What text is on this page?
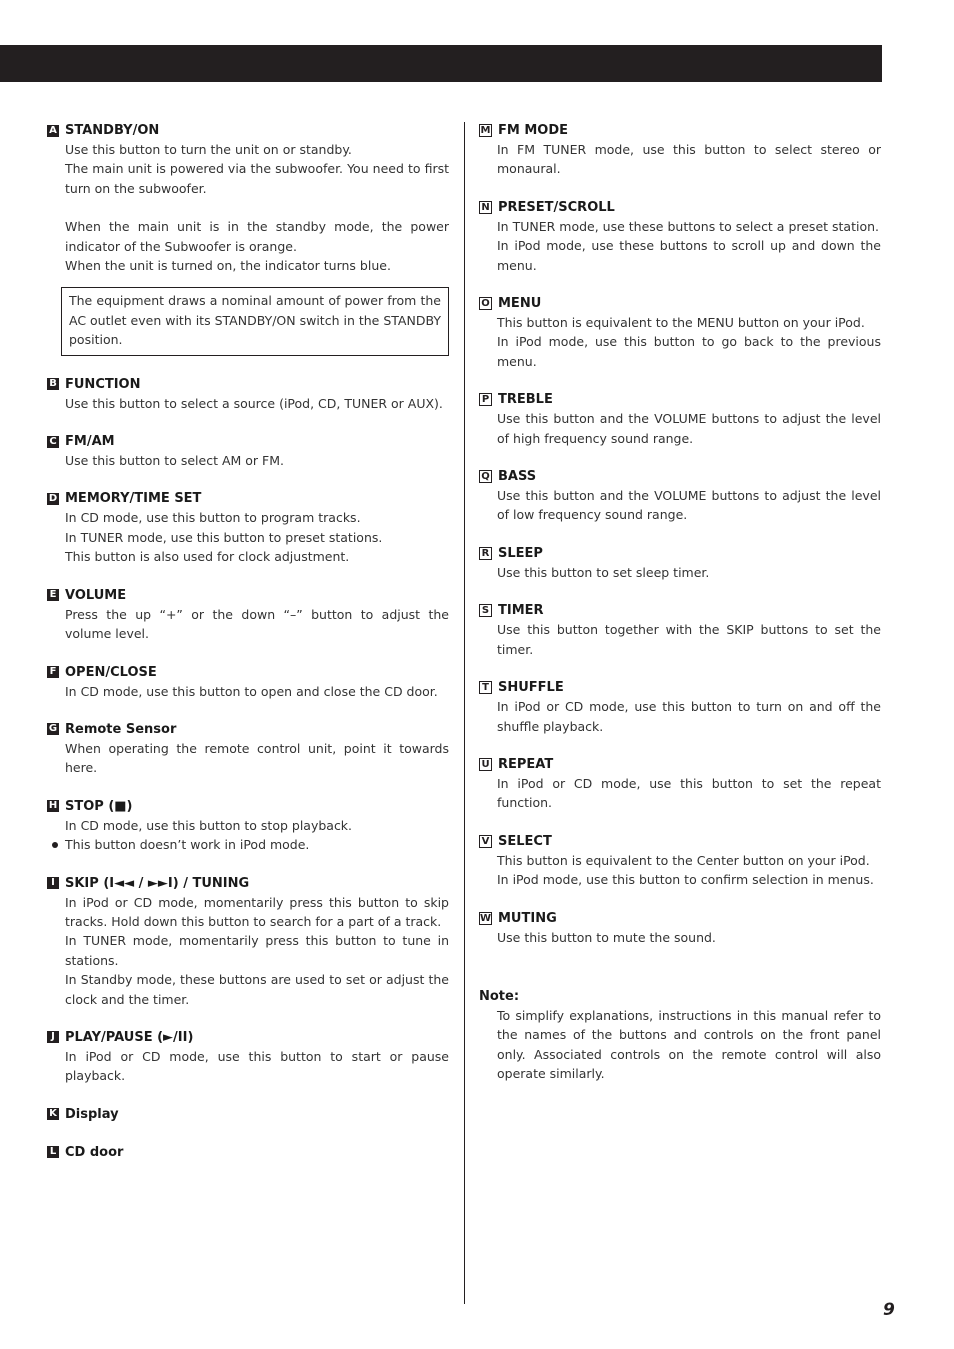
A STANDBY/ON
Use this button to turn the unit on or standby.
The main unit is powered via the subwoofer. You need to first turn on the subwoofer.
When the main unit is in the standby mode, the power indicator of the Subwoofer is orange.
When the unit is turned on, the indicator turns blue.
The equipment draws a nominal amount of power from the AC outlet even with its STANDBY/ON switch in the STANDBY position.
B FUNCTION
Use this button to select a source (iPod, CD, TUNER or AUX).
C FM/AM
Use this button to select AM or FM.
D MEMORY/TIME SET
In CD mode, use this button to program tracks.
In TUNER mode, use this button to preset stations.
This button is also used for clock adjustment.
E VOLUME
Press the up “+” or the down “–” button to adjust the volume level.
F OPEN/CLOSE
In CD mode, use this button to open and close the CD door.
G Remote Sensor
When operating the remote control unit, point it towards here.
H STOP (■)
In CD mode, use this button to stop playback.
This button doesn’t work in iPod mode.
I SKIP (I◄◄ / ►►I) / TUNING
In iPod or CD mode, momentarily press this button to skip tracks. Hold down this button to search for a part of a track.
In TUNER mode, momentarily press this button to tune in stations.
In Standby mode, these buttons are used to set or adjust the clock and the timer.
J PLAY/PAUSE (►/II)
In iPod or CD mode, use this button to start or pause playback.
K Display
L CD door
M FM MODE
In FM TUNER mode, use this button to select stereo or monaural.
N PRESET/SCROLL
In TUNER mode, use these buttons to select a preset station.
In iPod mode, use these buttons to scroll up and down the menu.
O MENU
This button is equivalent to the MENU button on your iPod.
In iPod mode, use this button to go back to the previous menu.
P TREBLE
Use this button and the VOLUME buttons to adjust the level of high frequency sound range.
Q BASS
Use this button and the VOLUME buttons to adjust the level of low frequency sound range.
R SLEEP
Use this button to set sleep timer.
S TIMER
Use this button together with the SKIP buttons to set the timer.
T SHUFFLE
In iPod or CD mode, use this button to turn on and off the shuffle playback.
U REPEAT
In iPod or CD mode, use this button to set the repeat function.
V SELECT
This button is equivalent to the Center button on your iPod.
In iPod mode, use this button to confirm selection in menus.
W MUTING
Use this button to mute the sound.
Note:
To simplify explanations, instructions in this manual refer to the names of the buttons and controls on the front panel only. Associated controls on the remote control will also operate similarly.
9
